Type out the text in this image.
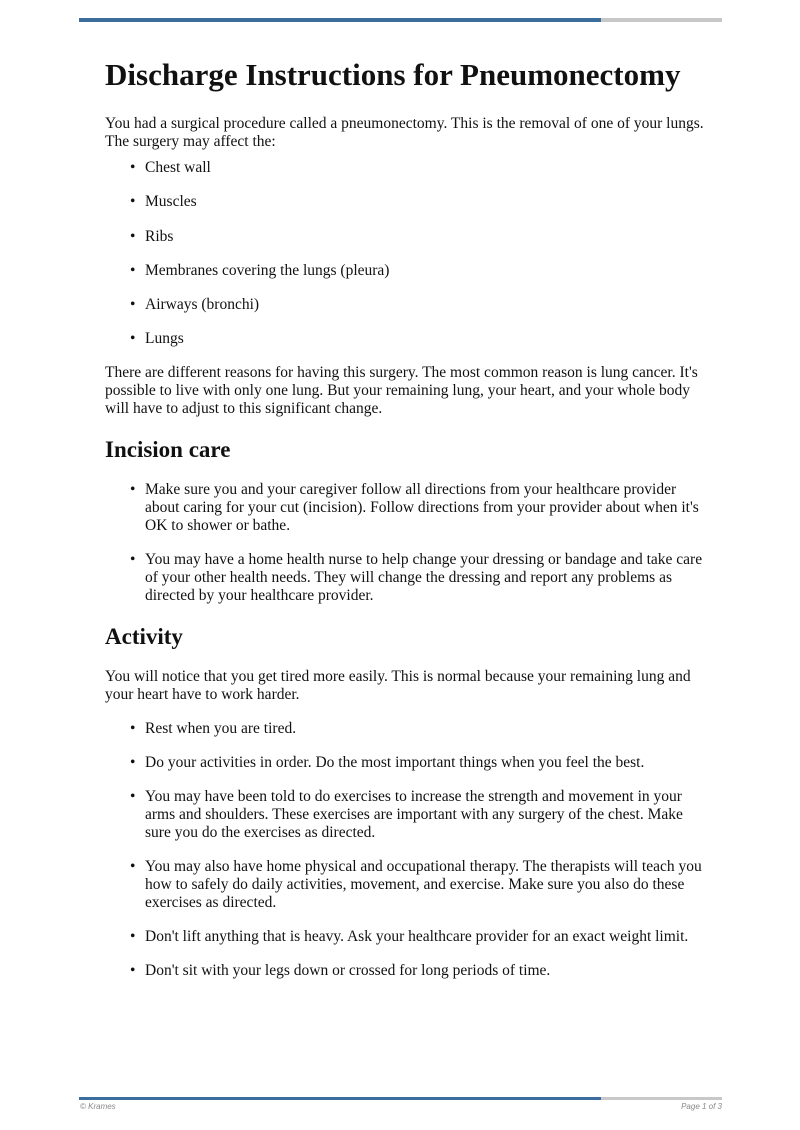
Discharge Instructions for Pneumonectomy

You had a surgical procedure called a pneumonectomy. This is the removal of one of your lungs. The surgery may affect the:

• Chest wall
• Muscles
• Ribs
• Membranes covering the lungs (pleura)
• Airways (bronchi)
• Lungs

There are different reasons for having this surgery. The most common reason is lung cancer. It's possible to live with only one lung. But your remaining lung, your heart, and your whole body will have to adjust to this significant change.

Incision care
• Make sure you and your caregiver follow all directions from your healthcare provider about caring for your cut (incision). Follow directions from your provider about when it's OK to shower or bathe.
• You may have a home health nurse to help change your dressing or bandage and take care of your other health needs. They will change the dressing and report any problems as directed by your healthcare provider.
Activity

You will notice that you get tired more easily. This is normal because your remaining lung and your heart have to work harder.

• Rest when you are tired.
• Do your activities in order. Do the most important things when you feel the best.
• You may have been told to do exercises to increase the strength and movement in your arms and shoulders. These exercises are important with any surgery of the chest. Make sure you do the exercises as directed.
• You may also have home physical and occupational therapy. The therapists will teach you how to safely do daily activities, movement, and exercise. Make sure you also do these exercises as directed.
• Don't lift anything that is heavy. Ask your healthcare provider for an exact weight limit.
• Don't sit with your legs down or crossed for long periods of time.
© Krames	Page 1 of 3
